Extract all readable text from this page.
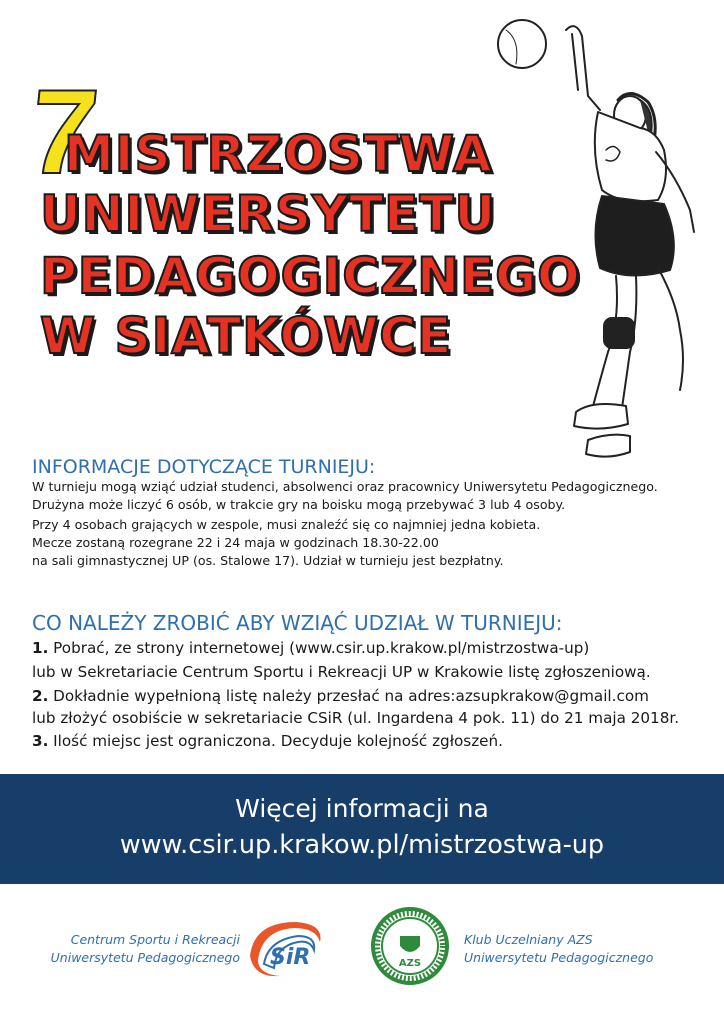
7
MISTRZOSTWA
UNIWERSYTETU
PEDAGOGICZNEGO
W SIATKÓWCE
INFORMACJE DOTYCZĄCE TURNIEJU:
W turnieju mogą wziąć udział studenci, absolwenci oraz pracownicy Uniwersytetu Pedagogicznego.
Drużyna może liczyć 6 osób, w trakcie gry na boisku mogą przebywać 3 lub 4 osoby.
Przy 4 osobach grających w zespole, musi znaleźć się co najmniej jedna kobieta.
Mecze zostaną rozegrane 22 i 24 maja w godzinach 18.30-22.00
na sali gimnastycznej UP (os. Stalowe 17). Udział w turnieju jest bezpłatny.
CO NALEŻY ZROBIĆ ABY WZIĄĆ UDZIAŁ W TURNIEJU:
1. Pobrać, ze strony internetowej (www.csir.up.krakow.pl/mistrzostwa-up)
lub w Sekretariacie Centrum Sportu i Rekreacji UP w Krakowie listę zgłoszeniową.
2. Dokładnie wypełnioną listę należy przesłać na adres:azsupkrakow@gmail.com
lub złożyć osobiście w sekretariacie CSiR (ul. Ingardena 4 pok. 11) do 21 maja 2018r.
3. Ilość miejsc jest ograniczona. Decyduje kolejność zgłoszeń.
Więcej informacji na
www.csir.up.krakow.pl/mistrzostwa-up
Centrum Sportu i Rekreacji
Uniwersytetu Pedagogicznego SiR	AZS
Klub Uczelniany AZS
Uniwersytetu Pedagogicznego
